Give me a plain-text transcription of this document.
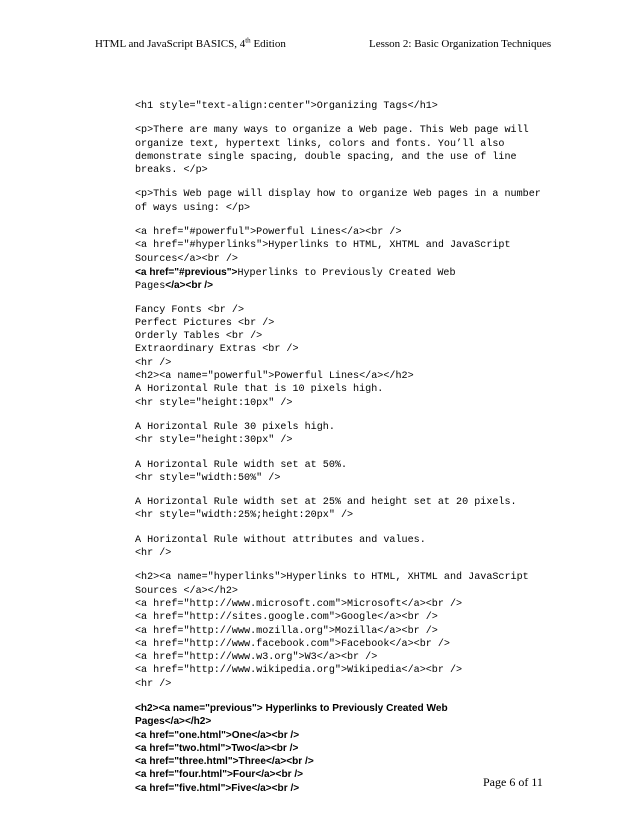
HTML and JavaScript BASICS, 4th Edition	Lesson 2: Basic Organization Techniques
<h1 style="text-align:center">Organizing Tags</h1>
<p>There are many ways to organize a Web page. This Web page will
organize text, hypertext links, colors and fonts. You’ll also
demonstrate single spacing, double spacing, and the use of line
breaks. </p>
<p>This Web page will display how to organize Web pages in a number
of ways using: </p>
<a href="#powerful">Powerful Lines</a><br />
<a href="#hyperlinks">Hyperlinks to HTML, XHTML and JavaScript
Sources</a><br />
<a href="#previous">Hyperlinks to Previously Created Web
Pages</a><br />
Fancy Fonts <br />
Perfect Pictures <br />
Orderly Tables <br />
Extraordinary Extras <br />
<hr />
<h2><a name="powerful">Powerful Lines</a></h2>
A Horizontal Rule that is 10 pixels high.
<hr style="height:10px" />
A Horizontal Rule 30 pixels high.
<hr style="height:30px" />
A Horizontal Rule width set at 50%.
<hr style="width:50%" />
A Horizontal Rule width set at 25% and height set at 20 pixels.
<hr style="width:25%;height:20px" />
A Horizontal Rule without attributes and values.
<hr />
<h2><a name="hyperlinks">Hyperlinks to HTML, XHTML and JavaScript
Sources </a></h2>
<a href="http://www.microsoft.com">Microsoft</a><br />
<a href="http://sites.google.com">Google</a><br />
<a href="http://www.mozilla.org">Mozilla</a><br />
<a href="http://www.facebook.com">Facebook</a><br />
<a href="http://www.w3.org">W3</a><br />
<a href="http://www.wikipedia.org">Wikipedia</a><br />
<hr />
<h2><a name="previous"> Hyperlinks to Previously Created Web
Pages</a></h2>
<a href="one.html">One</a><br />
<a href="two.html">Two</a><br />
<a href="three.html">Three</a><br />
<a href="four.html">Four</a><br />
<a href="five.html">Five</a><br />	Page 6 of 11
